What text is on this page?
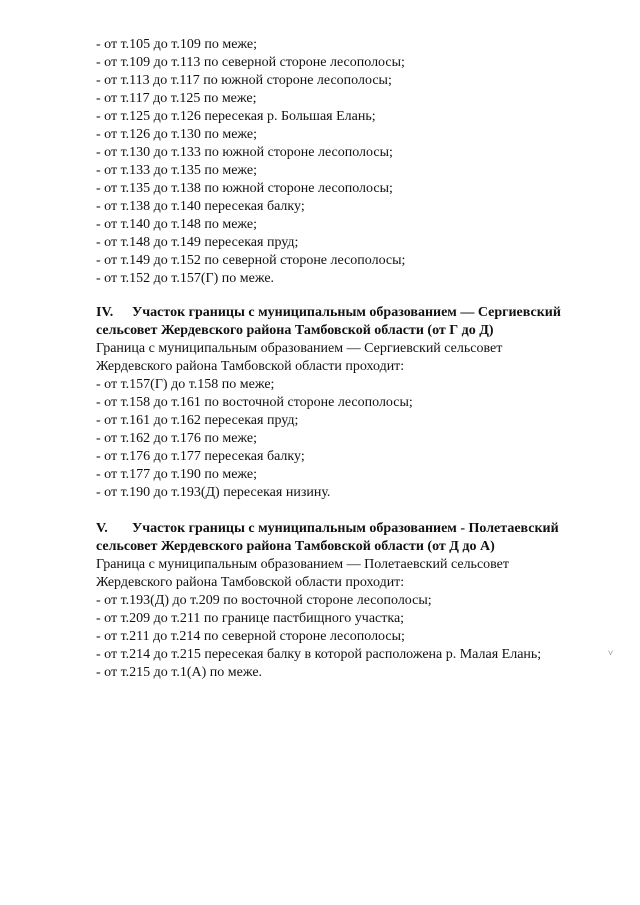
- от т.105 до т.109 по меже;
- от т.109 до т.113 по северной стороне лесополосы;
- от т.113 до т.117 по южной стороне лесополосы;
- от т.117 до т.125 по меже;
- от т.125 до т.126 пересекая р. Большая Елань;
- от т.126 до т.130 по меже;
- от т.130 до т.133 по южной стороне лесополосы;
- от т.133 до т.135 по меже;
- от т.135 до т.138 по южной стороне лесополосы;
- от т.138 до т.140 пересекая балку;
- от т.140 до т.148 по меже;
- от т.148 до т.149 пересекая пруд;
- от т.149 до т.152 по северной стороне лесополосы;
- от т.152 до т.157(Г) по меже.
IV. Участок границы с муниципальным образованием — Сергиевский
сельсовет Жердевского района Тамбовской области (от Г до Д)
Граница с муниципальным образованием — Сергиевский сельсовет
Жердевского района Тамбовской области проходит:
- от т.157(Г) до т.158 по меже;
- от т.158 до т.161 по восточной стороне лесополосы;
- от т.161 до т.162 пересекая пруд;
- от т.162 до т.176 по меже;
- от т.176 до т.177 пересекая балку;
- от т.177 до т.190 по меже;
- от т.190 до т.193(Д) пересекая низину.
V. Участок границы с муниципальным образованием - Полетаевский
сельсовет Жердевского района Тамбовской области (от Д до А)
Граница с муниципальным образованием — Полетаевский сельсовет
Жердевского района Тамбовской области проходит:
- от т.193(Д) до т.209 по восточной стороне лесополосы;
- от т.209 до т.211 по границе пастбищного участка;
- от т.211 до т.214 по северной стороне лесополосы;
- от т.214 до т.215 пересекая балку в которой расположена р. Малая Елань;
- от т.215 до т.1(А) по меже.
˅
